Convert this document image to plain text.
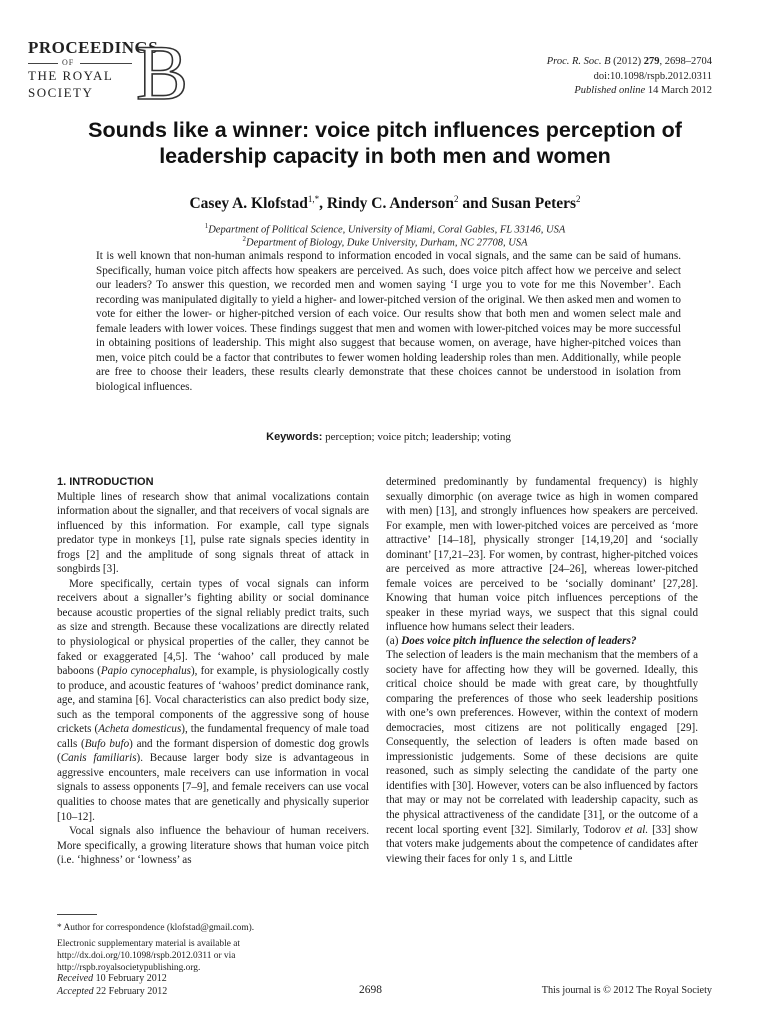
PROCEEDINGS
OF
THE ROYAL
SOCIETY B	Proc. R. Soc. B (2012) 279, 2698–2704
doi:10.1098/rspb.2012.0311
Published online 14 March 2012
Sounds like a winner: voice pitch influences perception of leadership capacity in both men and women
Casey A. Klofstad$^{1,*}$, Rindy C. Anderson$^2$ and Susan Peters$^2$
$^1$Department of Political Science, University of Miami, Coral Gables, FL 33146, USA
$^2$Department of Biology, Duke University, Durham, NC 27708, USA

It is well known that non-human animals respond to information encoded in vocal signals, and the same can be said of humans. Specifically, human voice pitch affects how speakers are perceived. As such, does voice pitch affect how we perceive and select our leaders? To answer this question, we recorded men and women saying ‘I urge you to vote for me this November’. Each recording was manipulated digitally to yield a higher- and lower-pitched version of the original. We then asked men and women to vote for either the lower- or higher-pitched version of each voice. Our results show that both men and women select male and female leaders with lower voices. These findings suggest that men and women with lower-pitched voices may be more successful in obtaining positions of leadership. This might also suggest that because women, on average, have higher-pitched voices than men, voice pitch could be a factor that contributes to fewer women holding leadership roles than men. Additionally, while people are free to choose their leaders, these results clearly demonstrate that these choices cannot be understood in isolation from biological influences.

Keywords: perception; voice pitch; leadership; voting
1. INTRODUCTION

Multiple lines of research show that animal vocalizations contain information about the signaller, and that receivers of vocal signals are influenced by this information. For example, call type signals predator type in monkeys [1], pulse rate signals species identity in frogs [2] and the amplitude of song signals threat of attack in songbirds [3].

More specifically, certain types of vocal signals can inform receivers about a signaller’s fighting ability or social dominance because acoustic properties of the signal reliably predict traits, such as size and strength. Because these vocalizations are directly related to physiological or physical properties of the caller, they cannot be faked or exaggerated [4,5]. The ‘wahoo’ call produced by male baboons (Papio cynocephalus), for example, is physiologically costly to produce, and acoustic features of ‘wahoos’ predict dominance rank, age, and stamina [6]. Vocal characteristics can also predict body size, such as the temporal components of the aggressive song of house crickets (Acheta domesticus), the fundamental frequency of male toad calls (Bufo bufo) and the formant dispersion of domestic dog growls (Canis familiaris). Because larger body size is advantageous in aggressive encounters, male receivers can use information in vocal signals to assess opponents [7–9], and female receivers can use vocal qualities to choose mates that are genetically and physically superior [10–12].

Vocal signals also influence the behaviour of human receivers. More specifically, a growing literature shows that human voice pitch (i.e. ‘highness’ or ‘lowness’ as

* Author for correspondence (klofstad@gmail.com).
Electronic supplementary material is available at http://dx.doi.org/10.1098/rspb.2012.0311 or via http://rspb.royalsocietypublishing.org.

determined predominantly by fundamental frequency) is highly sexually dimorphic (on average twice as high in women compared with men) [13], and strongly influences how speakers are perceived. For example, men with lower-pitched voices are perceived as ‘more attractive’ [14–18], physically stronger [14,19,20] and ‘socially dominant’ [17,21–23]. For women, by contrast, higher-pitched voices are perceived as more attractive [24–26], whereas lower-pitched female voices are perceived to be ‘socially dominant’ [27,28]. Knowing that human voice pitch influences perceptions of the speaker in these myriad ways, we suspect that this signal could influence how humans select their leaders.

(a) Does voice pitch influence the selection of leaders?

The selection of leaders is the main mechanism that the members of a society have for affecting how they will be governed. Ideally, this critical choice should be made with great care, by thoughtfully comparing the preferences of those who seek leadership positions with one’s own preferences. However, within the context of modern democracies, most citizens are not politically engaged [29]. Consequently, the selection of leaders is often made based on impressionistic judgements. Some of these decisions are quite reasoned, such as simply selecting the candidate of the party one identifies with [30]. However, voters can be also influenced by factors that may or may not be correlated with leadership capacity, such as the physical attractiveness of the candidate [31], or the outcome of a recent local sporting event [32]. Similarly, Todorov et al. [33] show that voters make judgements about the competence of candidates after viewing their faces for only 1 s, and Little

Received 10 February 2012
Accepted 22 February 2012	2698	This journal is © 2012 The Royal Society
